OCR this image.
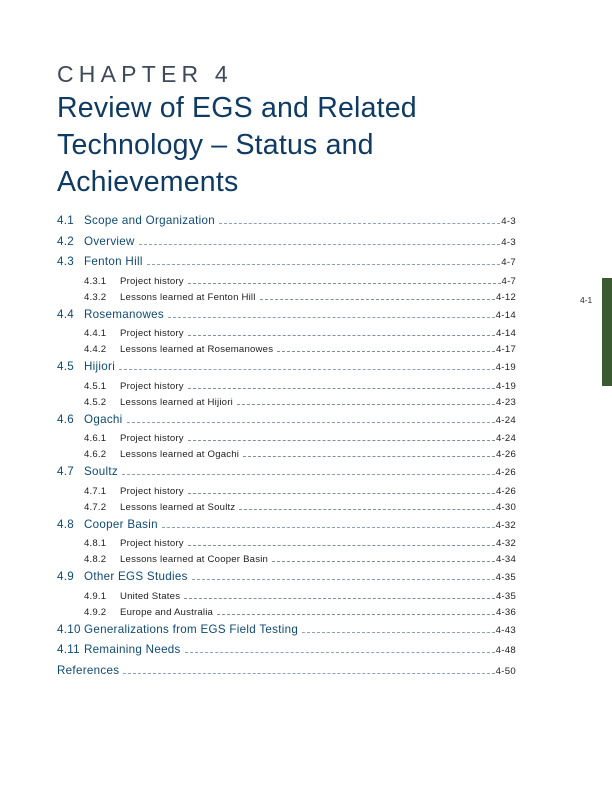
CHAPTER 4
Review of EGS and Related Technology – Status and Achievements
4.1 Scope and Organization	4-3
4.2 Overview	4-3
4.3 Fenton Hill	4-7
4.3.1	Project history	4-7
4.3.2	Lessons learned at Fenton Hill	4-12
4.4 Rosemanowes	4-14
4.4.1	Project history	4-14
4.4.2	Lessons learned at Rosemanowes	4-17
4.5 Hijiori	4-19
4.5.1	Project history	4-19
4.5.2	Lessons learned at Hijiori	4-23
4.6 Ogachi	4-24
4.6.1	Project history	4-24
4.6.2	Lessons learned at Ogachi	4-26
4.7 Soultz	4-26
4.7.1	Project history	4-26
4.7.2	Lessons learned at Soultz	4-30
4.8 Cooper Basin	4-32
4.8.1	Project history	4-32
4.8.2	Lessons learned at Cooper Basin	4-34
4.9 Other EGS Studies	4-35
4.9.1	United States	4-35
4.9.2	Europe and Australia	4-36
4.10 Generalizations from EGS Field Testing	4-43
4.11 Remaining Needs	4-48
References	4-50
4-1
